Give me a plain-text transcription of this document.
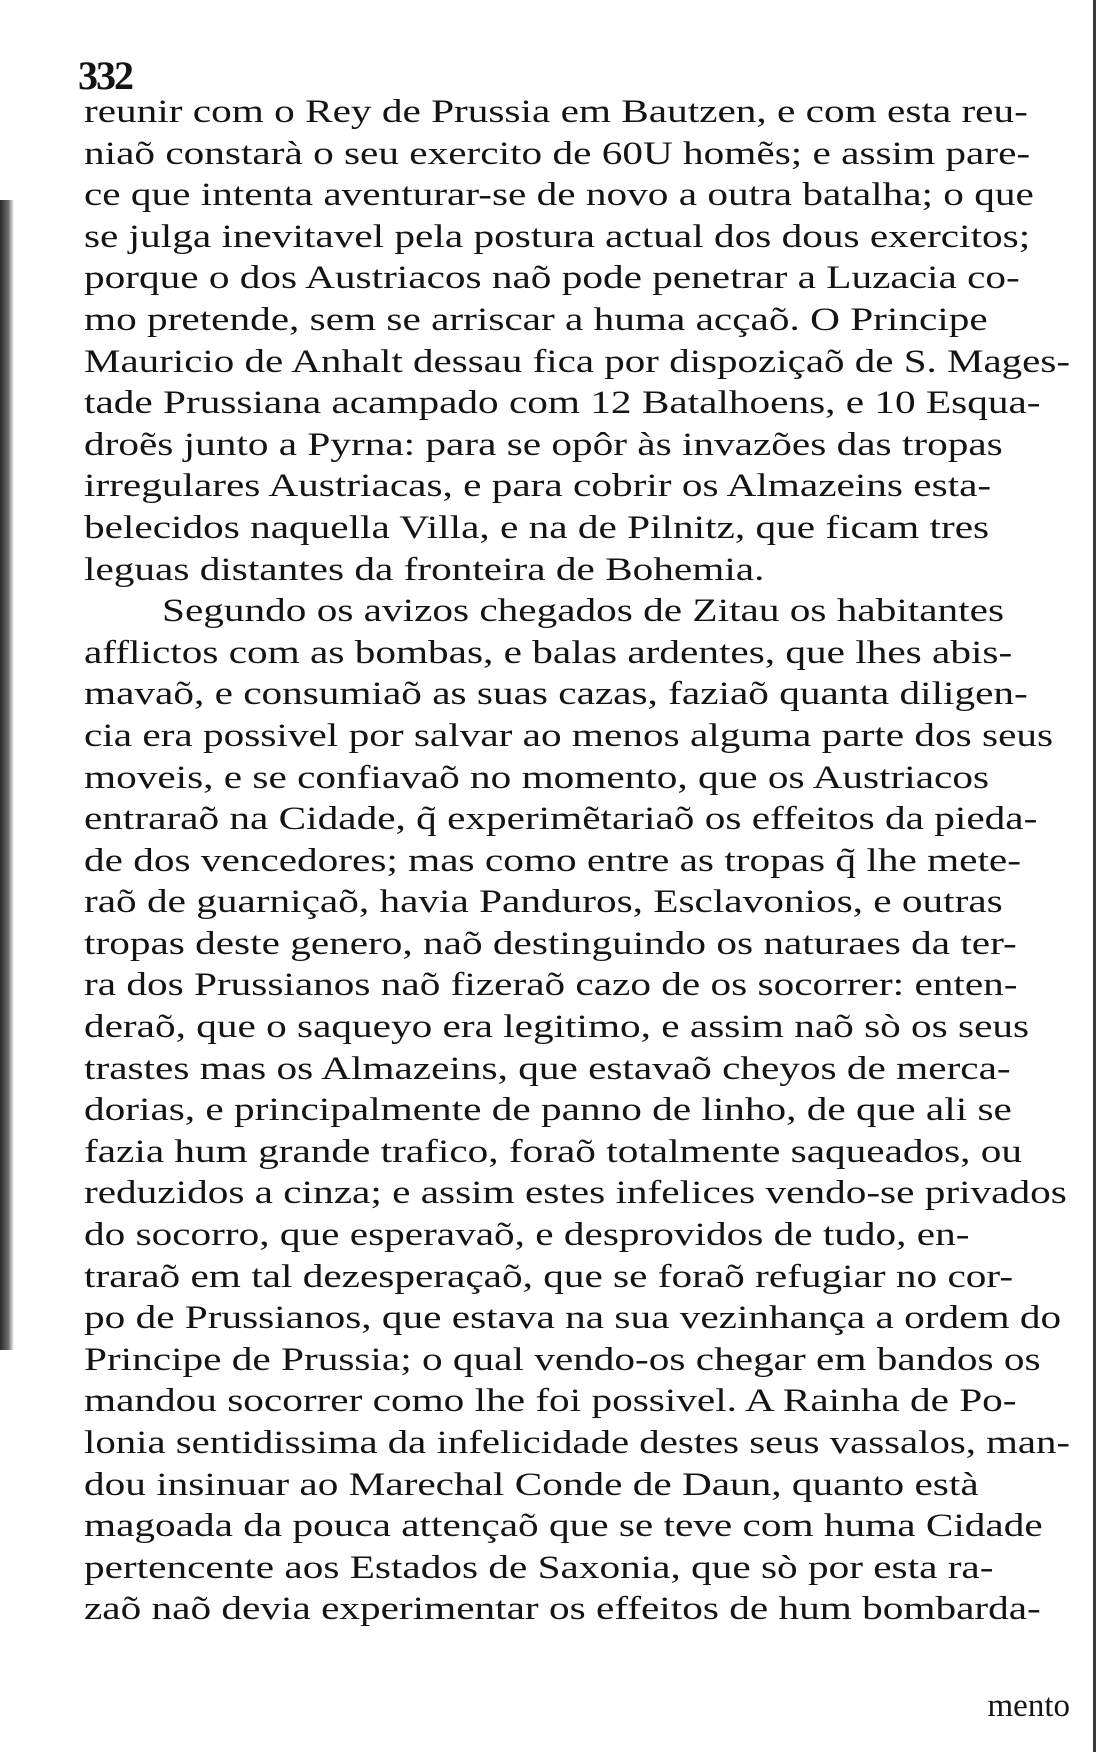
332
reunir com o Rey de Prussia em Bautzen, e com esta reu-
niaõ constarà o seu exercito de 60U homẽs; e assim pare-
ce que intenta aventurar-se de novo a outra batalha; o que
se julga inevitavel pela postura actual dos dous exercitos;
porque o dos Austriacos naõ pode penetrar a Luzacia co-
mo pretende, sem se arriscar a huma acçaõ. O Principe
Mauricio de Anhalt dessau fica por dispoziçaõ de S. Mages-
tade Prussiana acampado com 12 Batalhoens, e 10 Esqua-
droẽs junto a Pyrna: para se opôr às invazões das tropas
irregulares Austriacas, e para cobrir os Almazeins esta-
belecidos naquella Villa, e na de Pilnitz, que ficam tres
leguas distantes da fronteira de Bohemia.
Segundo os avizos chegados de Zitau os habitantes
afflictos com as bombas, e balas ardentes, que lhes abis-
mavaõ, e consumiaõ as suas cazas, faziaõ quanta diligen-
cia era possivel por salvar ao menos alguma parte dos seus
moveis, e se confiavaõ no momento, que os Austriacos
entraraõ na Cidade, q̃ experimẽtariaõ os effeitos da pieda-
de dos vencedores; mas como entre as tropas q̃ lhe mete-
raõ de guarniçaõ, havia Panduros, Esclavonios, e outras
tropas deste genero, naõ destinguindo os naturaes da ter-
ra dos Prussianos naõ fizeraõ cazo de os socorrer: enten-
deraõ, que o saqueyo era legitimo, e assim naõ sò os seus
trastes mas os Almazeins, que estavaõ cheyos de merca-
dorias, e principalmente de panno de linho, de que ali se
fazia hum grande trafico, foraõ totalmente saqueados, ou
reduzidos a cinza; e assim estes infelices vendo-se privados
do socorro, que esperavaõ, e desprovidos de tudo, en-
traraõ em tal dezesperaçaõ, que se foraõ refugiar no cor-
po de Prussianos, que estava na sua vezinhança a ordem do
Principe de Prussia; o qual vendo-os chegar em bandos os
mandou socorrer como lhe foi possivel. A Rainha de Po-
lonia sentidissima da infelicidade destes seus vassalos, man-
dou insinuar ao Marechal Conde de Daun, quanto està
magoada da pouca attençaõ que se teve com huma Cidade
pertencente aos Estados de Saxonia, que sò por esta ra-
zaõ naõ devia experimentar os effeitos de hum bombarda-
mento
